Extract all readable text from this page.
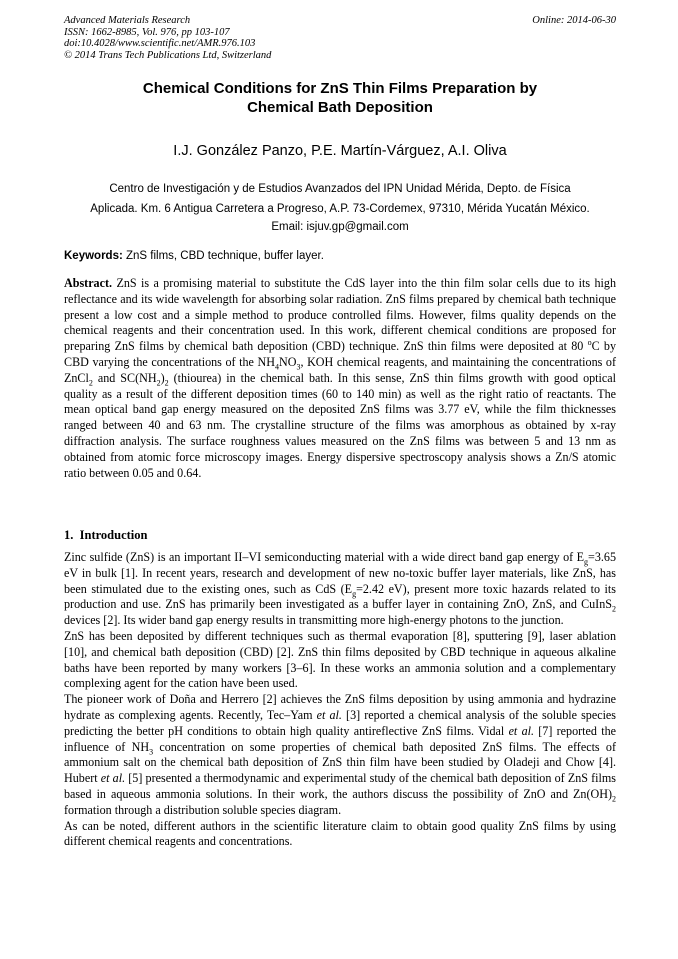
Advanced Materials Research
ISSN: 1662-8985, Vol. 976, pp 103-107
doi:10.4028/www.scientific.net/AMR.976.103
© 2014 Trans Tech Publications Ltd, Switzerland
Online: 2014-06-30
Chemical Conditions for ZnS Thin Films Preparation by
Chemical Bath Deposition
I.J. González Panzo, P.E. Martín-Várguez, A.I. Oliva
Centro de Investigación y de Estudios Avanzados del IPN Unidad Mérida, Depto. de Física
Aplicada. Km. 6 Antigua Carretera a Progreso, A.P. 73-Cordemex, 97310, Mérida Yucatán México.
Email: isjuv.gp@gmail.com
Keywords: ZnS films, CBD technique, buffer layer.
Abstract. ZnS is a promising material to substitute the CdS layer into the thin film solar cells due to its high reflectance and its wide wavelength for absorbing solar radiation. ZnS films prepared by chemical bath technique present a low cost and a simple method to produce controlled films. However, films quality depends on the chemical reagents and their concentration used. In this work, different chemical conditions are proposed for preparing ZnS films by chemical bath deposition (CBD) technique. ZnS thin films were deposited at 80 $^o$C by CBD varying the concentrations of the $NH_4NO_3$, KOH chemical reagents, and maintaining the concentrations of ZnCl$_2$ and $SC(NH_2)_2$ (thiourea) in the chemical bath. In this sense, ZnS thin films growth with good optical quality as a result of the different deposition times (60 to 140 min) as well as the right ratio of reactants. The mean optical band gap energy measured on the deposited ZnS films was 3.77 eV, while the film thicknesses ranged between 40 and 63 nm. The crystalline structure of the films was amorphous as obtained by x-ray diffraction analysis. The surface roughness values measured on the ZnS films was between 5 and 13 nm as obtained from atomic force microscopy images. Energy dispersive spectroscopy analysis shows a Zn/S atomic ratio between 0.05 and 0.64.
1. Introduction

Zinc sulfide (ZnS) is an important II–VI semiconducting material with a wide direct band gap energy of $E_g=3.65$ eV in bulk [1]. In recent years, research and development of new no-toxic buffer layer materials, like ZnS, has been stimulated due to the existing ones, such as CdS ($E_g=2.42$ eV), present more toxic hazards related to its production and use. ZnS has primarily been investigated as a buffer layer in containing ZnO, ZnS, and CuInS$_2$ devices [2]. Its wider band gap energy results in transmitting more high-energy photons to the junction.

ZnS has been deposited by different techniques such as thermal evaporation [8], sputtering [9], laser ablation [10], and chemical bath deposition (CBD) [2]. ZnS thin films deposited by CBD technique in aqueous alkaline baths have been reported by many workers [3–6]. In these works an ammonia solution and a complementary complexing agent for the cation have been used.

The pioneer work of Doña and Herrero [2] achieves the ZnS films deposition by using ammonia and hydrazine hydrate as complexing agents. Recently, Tec–Yam et al. [3] reported a chemical analysis of the soluble species predicting the better pH conditions to obtain high quality antireflective ZnS films. Vidal et al. [7] reported the influence of $NH_3$ concentration on some properties of chemical bath deposited ZnS films. The effects of ammonium salt on the chemical bath deposition of ZnS thin film have been studied by Oladeji and Chow [4]. Hubert et al. [5] presented a thermodynamic and experimental study of the chemical bath deposition of ZnS films based in aqueous ammonia solutions. In their work, the authors discuss the possibility of ZnO and $Zn(OH)_2$ formation through a distribution soluble species diagram.

As can be noted, different authors in the scientific literature claim to obtain good quality ZnS films by using different chemical reagents and concentrations.
